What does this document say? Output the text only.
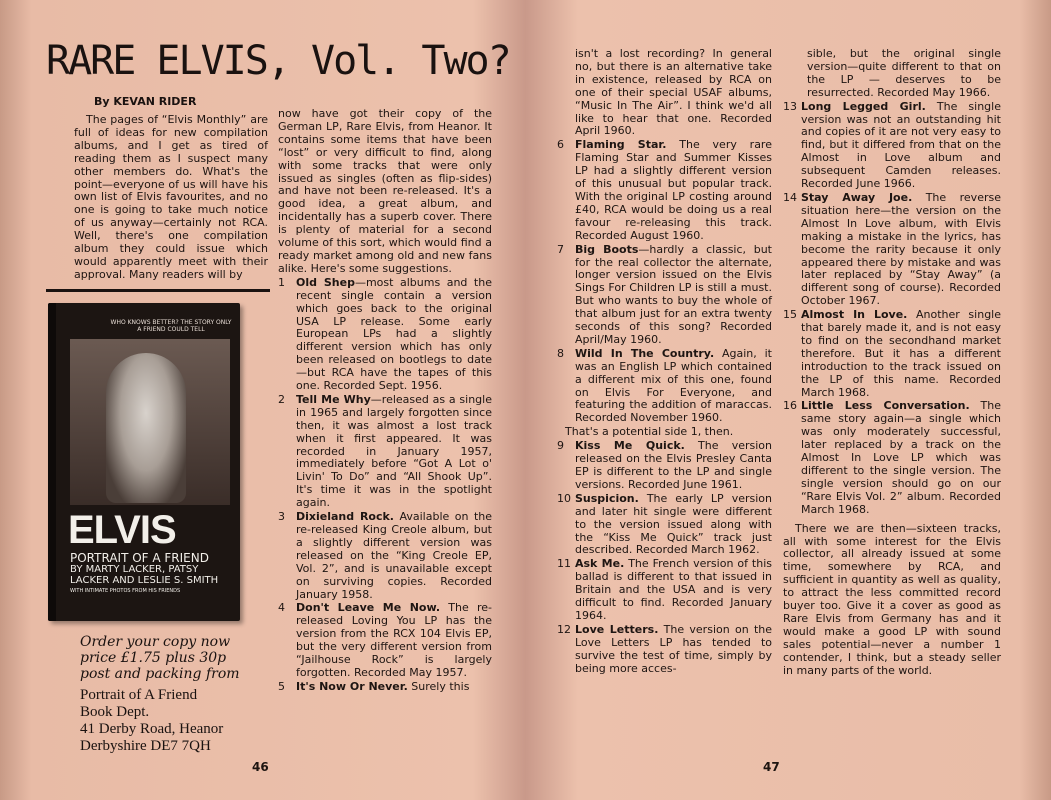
RARE ELVIS, Vol. Two?
By KEVAN RIDER

The pages of “Elvis Monthly” are full of ideas for new compilation albums, and I get as tired of reading them as I suspect many other members do. What's the point—everyone of us will have his own list of Elvis favourites, and no one is going to take much notice of us anyway—certainly not RCA. Well, there's one compilation album they could issue which would apparently meet with their approval. Many readers will by

WHO KNOWS BETTER? THE STORY ONLY A FRIEND COULD TELL
ELVIS
PORTRAIT OF A FRIEND
BY MARTY LACKER, PATSY LACKER AND LESLIE S. SMITH
WITH INTIMATE PHOTOS FROM HIS FRIENDS
Order your copy now
price £1.75 plus 30p
post and packing from
Portrait of A Friend
Book Dept.
41 Derby Road, Heanor
Derbyshire DE7 7QH

now have got their copy of the German LP, Rare Elvis, from Heanor. It contains some items that have been “lost” or very difficult to find, along with some tracks that were only issued as singles (often as flip-sides) and have not been re-released. It's a good idea, a great album, and incidentally has a superb cover. There is plenty of material for a second volume of this sort, which would find a ready market among old and new fans alike. Here's some suggestions.

1 Old Shep—most albums and the recent single contain a version which goes back to the original USA LP release. Some early European LPs had a slightly different version which has only been released on bootlegs to date—but RCA have the tapes of this one. Recorded Sept. 1956.
2 Tell Me Why—released as a single in 1965 and largely forgotten since then, it was almost a lost track when it first appeared. It was recorded in January 1957, immediately before “Got A Lot o' Livin' To Do” and “All Shook Up”. It's time it was in the spotlight again.
3 Dixieland Rock. Available on the re-released King Creole album, but a slightly different version was released on the “King Creole EP, Vol. 2”, and is unavailable except on surviving copies. Recorded January 1958.
4 Don't Leave Me Now. The re-released Loving You LP has the version from the RCX 104 Elvis EP, but the very different version from “Jailhouse Rock” is largely forgotten. Recorded May 1957.
5 It's Now Or Never. Surely this
46

isn't a lost recording? In general no, but there is an alternative take in existence, released by RCA on one of their special USAF albums, “Music In The Air”. I think we'd all like to hear that one. Recorded April 1960.

6 Flaming Star. The very rare Flaming Star and Summer Kisses LP had a slightly different version of this unusual but popular track. With the original LP costing around £40, RCA would be doing us a real favour re-releasing this track. Recorded August 1960.
7 Big Boots—hardly a classic, but for the real collector the alternate, longer version issued on the Elvis Sings For Children LP is still a must. But who wants to buy the whole of that album just for an extra twenty seconds of this song? Recorded April/May 1960.
8 Wild In The Country. Again, it was an English LP which contained a different mix of this one, found on Elvis For Everyone, and featuring the addition of maraccas. Recorded November 1960.

That's a potential side 1, then.

9 Kiss Me Quick. The version released on the Elvis Presley Canta EP is different to the LP and single versions. Recorded June 1961.
10 Suspicion. The early LP version and later hit single were different to the version issued along with the “Kiss Me Quick” track just described. Recorded March 1962.
11 Ask Me. The French version of this ballad is different to that issued in Britain and the USA and is very difficult to find. Recorded January 1964.
12 Love Letters. The version on the Love Letters LP has tended to survive the test of time, simply by being more acces-

sible, but the original single version—quite different to that on the LP — deserves to be resurrected. Recorded May 1966.

13 Long Legged Girl. The single version was not an outstanding hit and copies of it are not very easy to find, but it differed from that on the Almost in Love album and subsequent Camden releases. Recorded June 1966.
14 Stay Away Joe. The reverse situation here—the version on the Almost In Love album, with Elvis making a mistake in the lyrics, has become the rarity because it only appeared there by mistake and was later replaced by “Stay Away” (a different song of course). Recorded October 1967.
15 Almost In Love. Another single that barely made it, and is not easy to find on the secondhand market therefore. But it has a different introduction to the track issued on the LP of this name. Recorded March 1968.
16 Little Less Conversation. The same story again—a single which was only moderately successful, later replaced by a track on the Almost In Love LP which was different to the single version. The single version should go on our “Rare Elvis Vol. 2” album. Recorded March 1968.

There we are then—sixteen tracks, all with some interest for the Elvis collector, all already issued at some time, somewhere by RCA, and sufficient in quantity as well as quality, to attract the less committed record buyer too. Give it a cover as good as Rare Elvis from Germany has and it would make a good LP with sound sales potential—never a number 1 contender, I think, but a steady seller in many parts of the world.

47
